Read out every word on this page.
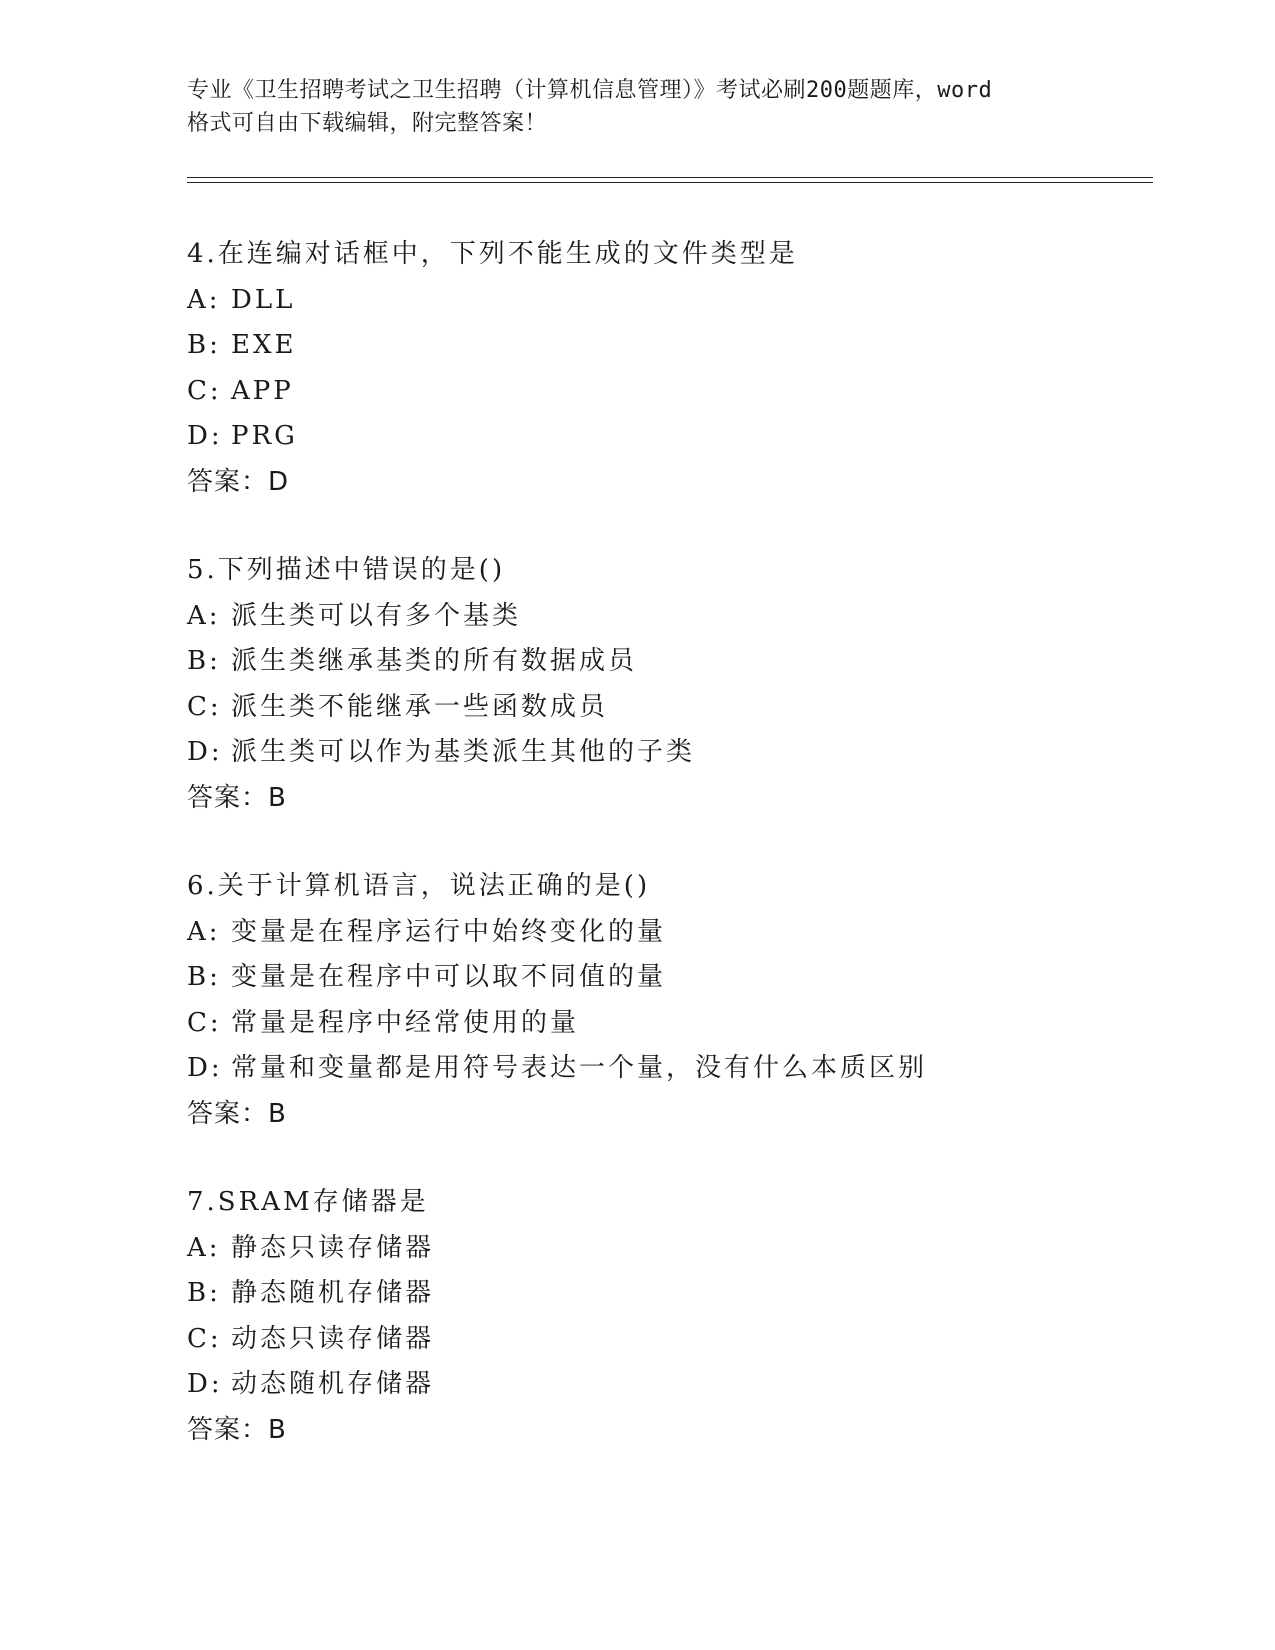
专业《卫生招聘考试之卫生招聘（计算机信息管理）》考试必刷200题题库，word
格式可自由下载编辑，附完整答案！
4.在连编对话框中，下列不能生成的文件类型是
A: DLL
B: EXE
C: APP
D: PRG
答案：D
5.下列描述中错误的是()
A: 派生类可以有多个基类
B: 派生类继承基类的所有数据成员
C: 派生类不能继承一些函数成员
D: 派生类可以作为基类派生其他的子类
答案：B
6.关于计算机语言，说法正确的是()
A: 变量是在程序运行中始终变化的量
B: 变量是在程序中可以取不同值的量
C: 常量是程序中经常使用的量
D: 常量和变量都是用符号表达一个量，没有什么本质区别
答案：B
7.SRAM存储器是
A: 静态只读存储器
B: 静态随机存储器
C: 动态只读存储器
D: 动态随机存储器
答案：B
